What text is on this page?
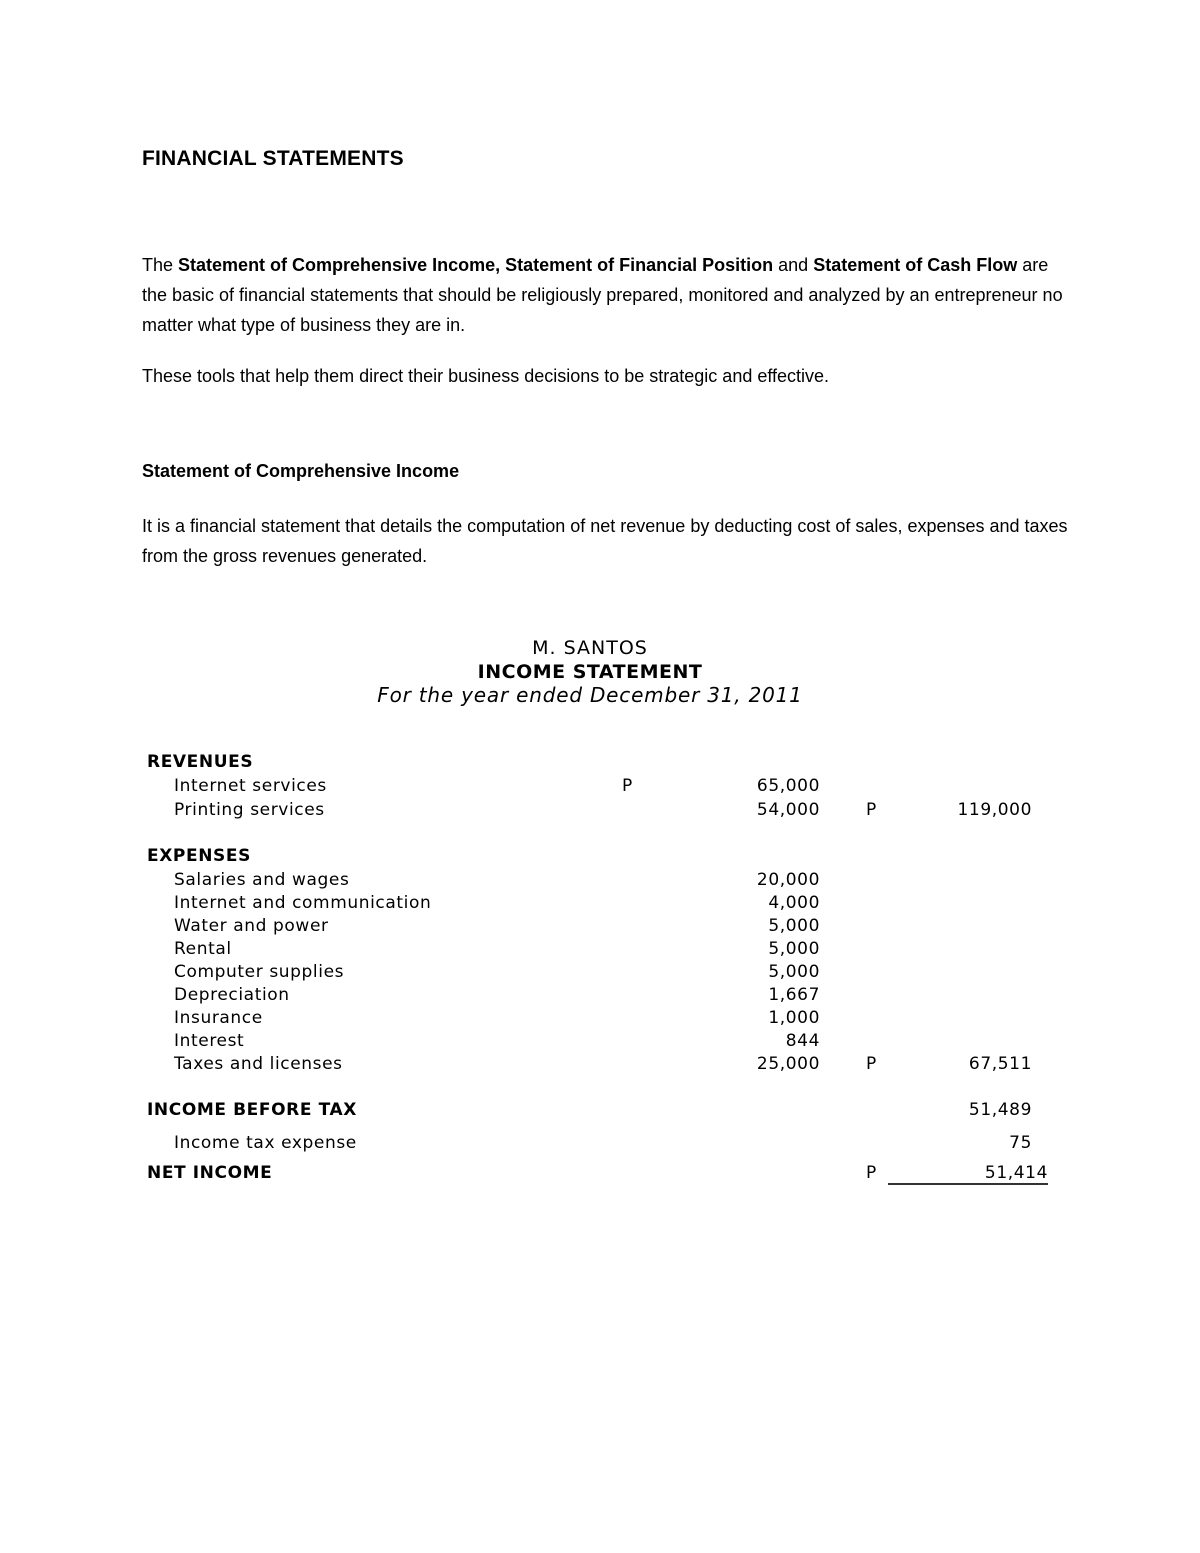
FINANCIAL STATEMENTS
The Statement of Comprehensive Income, Statement of Financial Position and Statement of Cash Flow are the basic of financial statements that should be religiously prepared, monitored and analyzed by an entrepreneur no matter what type of business they are in.
These tools that help them direct their business decisions to be strategic and effective.
Statement of Comprehensive Income
It is a financial statement that details the computation of net revenue by deducting cost of sales, expenses and taxes from the gross revenues generated.
M. SANTOS
INCOME STATEMENT
For the year ended December 31, 2011
REVENUES
Internet services	P	65,000
Printing services	54,000	P	119,000
EXPENSES
Salaries and wages	20,000
Internet and communication	4,000
Water and power	5,000
Rental	5,000
Computer supplies	5,000
Depreciation	1,667
Insurance	1,000
Interest	844
Taxes and licenses	25,000	P	67,511
INCOME BEFORE TAX	51,489
Income tax expense	75
NET INCOME	P	51,414
